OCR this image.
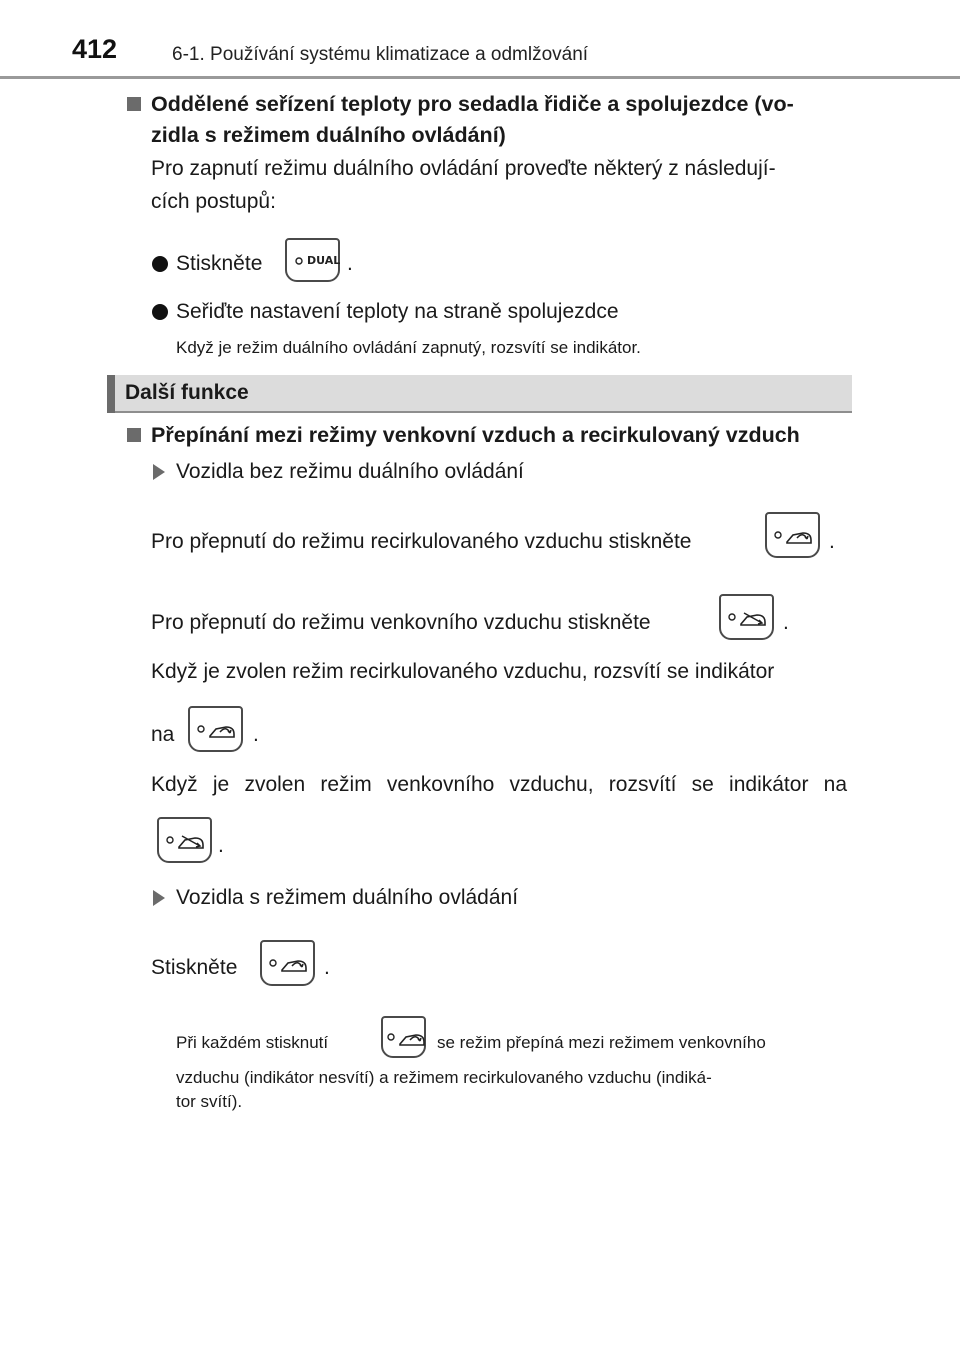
412	6-1. Používání systému klimatizace a odmlžování
Oddělené seřízení teploty pro sedadla řidiče a spolujezdce (vo-
zidla s režimem duálního ovládání)
Pro zapnutí režimu duálního ovládání proveďte některý z následují-
cích postupů:
Stiskněte	DUAL .
Seřiďte nastavení teploty na straně spolujezdce
Když je režim duálního ovládání zapnutý, rozsvítí se indikátor.
Další funkce
Přepínání mezi režimy venkovní vzduch a recirkulovaný vzduch
Vozidla bez režimu duálního ovládání
Pro přepnutí do režimu recirkulovaného vzduchu stiskněte	.
Pro přepnutí do režimu venkovního vzduchu stiskněte	.
Když je zvolen režim recirkulovaného vzduchu, rozsvítí se indikátor
na	.
Když je zvolen režim venkovního vzduchu, rozsvítí se indikátor na
.
Vozidla s režimem duálního ovládání
Stiskněte	.
Při každém stisknutí	se režim přepíná mezi režimem venkovního
vzduchu (indikátor nesvítí) a režimem recirkulovaného vzduchu (indiká-
tor svítí).
